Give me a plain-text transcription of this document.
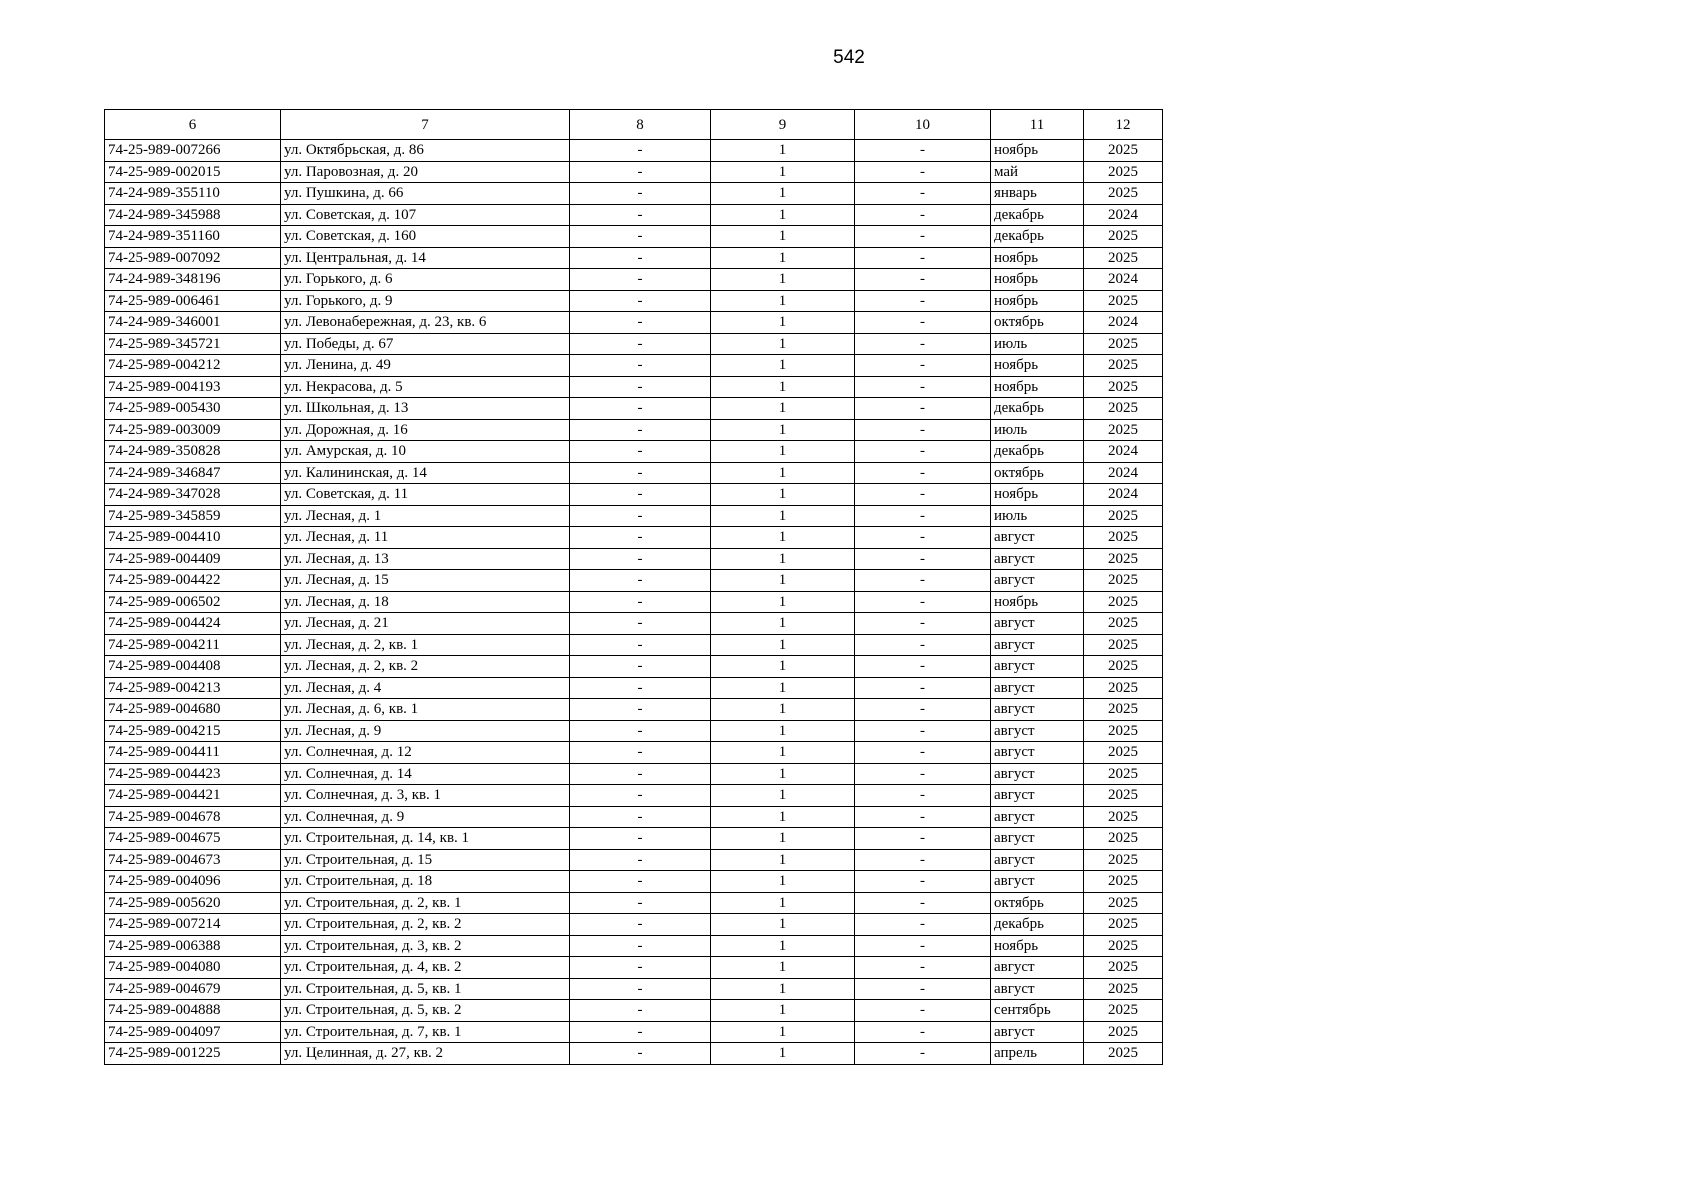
542
6	7	8	9	10	11	12
74-25-989-007266	ул. Октябрьская, д. 86	-	1	-	ноябрь	2025
74-25-989-002015	ул. Паровозная, д. 20	-	1	-	май	2025
74-24-989-355110	ул. Пушкина, д. 66	-	1	-	январь	2025
74-24-989-345988	ул. Советская, д. 107	-	1	-	декабрь	2024
74-24-989-351160	ул. Советская, д. 160	-	1	-	декабрь	2025
74-25-989-007092	ул. Центральная, д. 14	-	1	-	ноябрь	2025
74-24-989-348196	ул. Горького, д. 6	-	1	-	ноябрь	2024
74-25-989-006461	ул. Горького, д. 9	-	1	-	ноябрь	2025
74-24-989-346001	ул. Левонабережная, д. 23, кв. 6	-	1	-	октябрь	2024
74-25-989-345721	ул. Победы, д. 67	-	1	-	июль	2025
74-25-989-004212	ул. Ленина, д. 49	-	1	-	ноябрь	2025
74-25-989-004193	ул. Некрасова, д. 5	-	1	-	ноябрь	2025
74-25-989-005430	ул. Школьная, д. 13	-	1	-	декабрь	2025
74-25-989-003009	ул. Дорожная, д. 16	-	1	-	июль	2025
74-24-989-350828	ул. Амурская, д. 10	-	1	-	декабрь	2024
74-24-989-346847	ул. Калининская, д. 14	-	1	-	октябрь	2024
74-24-989-347028	ул. Советская, д. 11	-	1	-	ноябрь	2024
74-25-989-345859	ул. Лесная, д. 1	-	1	-	июль	2025
74-25-989-004410	ул. Лесная, д. 11	-	1	-	август	2025
74-25-989-004409	ул. Лесная, д. 13	-	1	-	август	2025
74-25-989-004422	ул. Лесная, д. 15	-	1	-	август	2025
74-25-989-006502	ул. Лесная, д. 18	-	1	-	ноябрь	2025
74-25-989-004424	ул. Лесная, д. 21	-	1	-	август	2025
74-25-989-004211	ул. Лесная, д. 2, кв. 1	-	1	-	август	2025
74-25-989-004408	ул. Лесная, д. 2, кв. 2	-	1	-	август	2025
74-25-989-004213	ул. Лесная, д. 4	-	1	-	август	2025
74-25-989-004680	ул. Лесная, д. 6, кв. 1	-	1	-	август	2025
74-25-989-004215	ул. Лесная, д. 9	-	1	-	август	2025
74-25-989-004411	ул. Солнечная, д. 12	-	1	-	август	2025
74-25-989-004423	ул. Солнечная, д. 14	-	1	-	август	2025
74-25-989-004421	ул. Солнечная, д. 3, кв. 1	-	1	-	август	2025
74-25-989-004678	ул. Солнечная, д. 9	-	1	-	август	2025
74-25-989-004675	ул. Строительная, д. 14, кв. 1	-	1	-	август	2025
74-25-989-004673	ул. Строительная, д. 15	-	1	-	август	2025
74-25-989-004096	ул. Строительная, д. 18	-	1	-	август	2025
74-25-989-005620	ул. Строительная, д. 2, кв. 1	-	1	-	октябрь	2025
74-25-989-007214	ул. Строительная, д. 2, кв. 2	-	1	-	декабрь	2025
74-25-989-006388	ул. Строительная, д. 3, кв. 2	-	1	-	ноябрь	2025
74-25-989-004080	ул. Строительная, д. 4, кв. 2	-	1	-	август	2025
74-25-989-004679	ул. Строительная, д. 5, кв. 1	-	1	-	август	2025
74-25-989-004888	ул. Строительная, д. 5, кв. 2	-	1	-	сентябрь	2025
74-25-989-004097	ул. Строительная, д. 7, кв. 1	-	1	-	август	2025
74-25-989-001225	ул. Целинная, д. 27, кв. 2	-	1	-	апрель	2025
